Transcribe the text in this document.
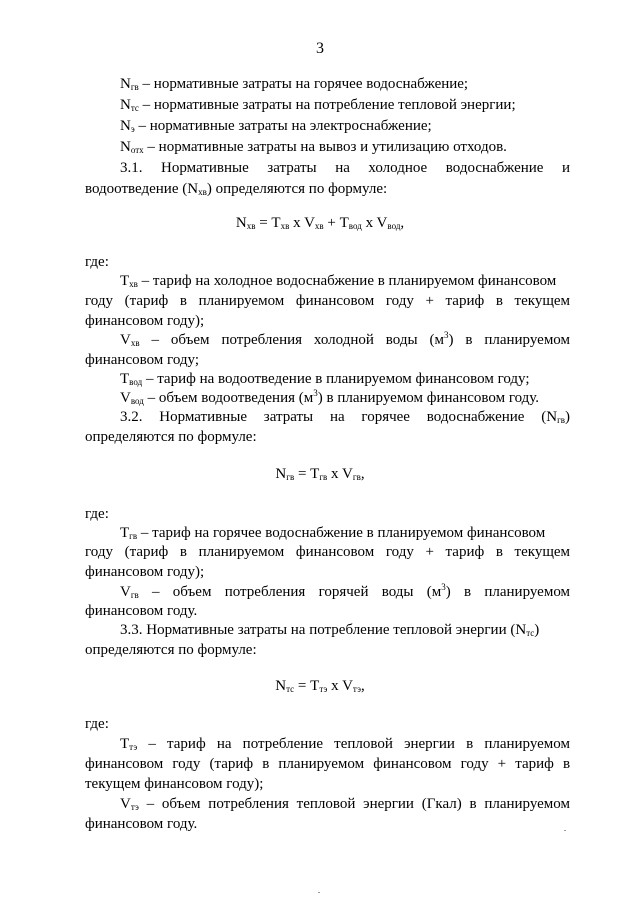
3
$N_{гв}$ – нормативные затраты на горячее водоснабжение;
$N_{тс}$ – нормативные затраты на потребление тепловой энергии;
$N_э$ – нормативные затраты на электроснабжение;
$N_{отх}$ – нормативные затраты на вывоз и утилизацию отходов.
3.1. Нормативные затраты на холодное водоснабжение и
водоотведение $(N_{хв})$ определяются по формуле:
$N_{хв} = Т_{хв}$ x $V_{хв} + Т_{вод}$ x $V_{вод}$,
где:
$Т_{хв}$ – тариф на холодное водоснабжение в планируемом финансовом
году (тариф в планируемом финансовом году + тариф в текущем
финансовом году);
$V_{хв}$ – объем потребления холодной воды $(м^3)$ в планируемом
финансовом году;
$Т_{вод}$ – тариф на водоотведение в планируемом финансовом году;
$V_{вод}$ – объем водоотведения $(м^3)$ в планируемом финансовом году.
3.2. Нормативные затраты на горячее водоснабжение $(N_{гв})$
определяются по формуле:
$N_{гв} = Т_{гв}$ x $V_{гв}$,
где:
$Т_{гв}$ – тариф на горячее водоснабжение в планируемом финансовом
году (тариф в планируемом финансовом году + тариф в текущем
финансовом году);
$V_{гв}$ – объем потребления горячей воды $(м^3)$ в планируемом
финансовом году.
3.3. Нормативные затраты на потребление тепловой энергии $(N_{тс})$
определяются по формуле:
$N_{тс} = Т_{тэ}$ x $V_{тэ}$,
где:
$Т_{тэ}$ – тариф на потребление тепловой энергии в планируемом
финансовом году (тариф в планируемом финансовом году + тариф в
текущем финансовом году);
$V_{тэ}$ – объем потребления тепловой энергии (Гкал) в планируемом
финансовом году.
